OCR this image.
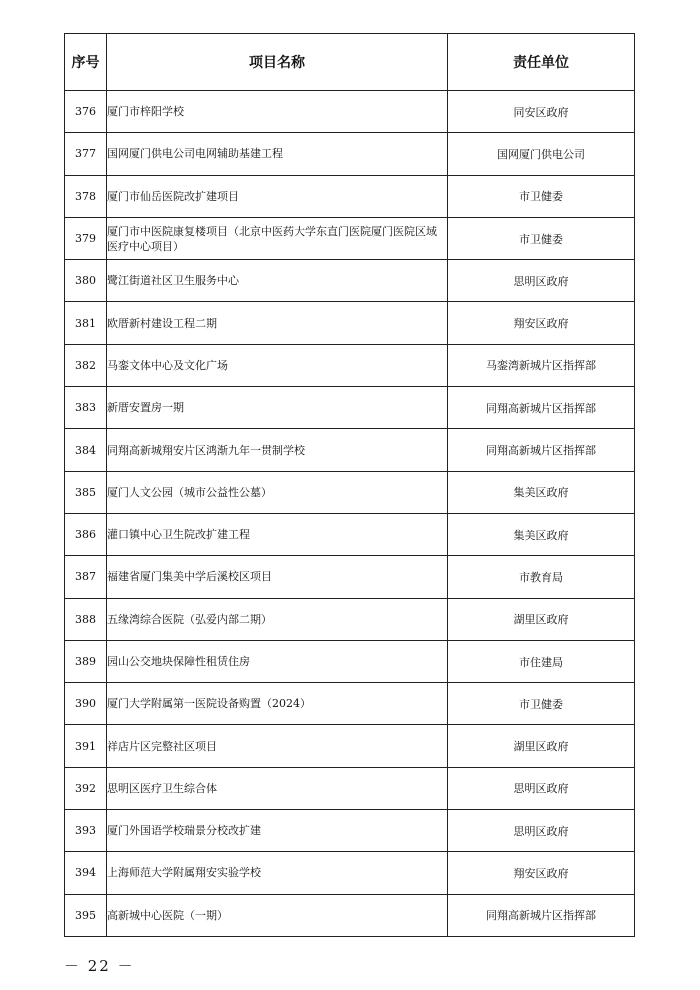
序号	项目名称	责任单位
376	厦门市梓阳学校	同安区政府
377	国网厦门供电公司电网辅助基建工程	国网厦门供电公司
378	厦门市仙岳医院改扩建项目	市卫健委
379	厦门市中医院康复楼项目（北京中医药大学东直门医院厦门医院区域医疗中心项目）	市卫健委
380	鹭江街道社区卫生服务中心	思明区政府
381	欧厝新村建设工程二期	翔安区政府
382	马銮文体中心及文化广场	马銮湾新城片区指挥部
383	新厝安置房一期	同翔高新城片区指挥部
384	同翔高新城翔安片区鸿渐九年一贯制学校	同翔高新城片区指挥部
385	厦门人文公园（城市公益性公墓）	集美区政府
386	灌口镇中心卫生院改扩建工程	集美区政府
387	福建省厦门集美中学后溪校区项目	市教育局
388	五缘湾综合医院（弘爱内部二期）	湖里区政府
389	园山公交地块保障性租赁住房	市住建局
390	厦门大学附属第一医院设备购置（2024）	市卫健委
391	祥店片区完整社区项目	湖里区政府
392	思明区医疗卫生综合体	思明区政府
393	厦门外国语学校瑞景分校改扩建	思明区政府
394	上海师范大学附属翔安实验学校	翔安区政府
395	高新城中心医院（一期）	同翔高新城片区指挥部
－ 22 －
